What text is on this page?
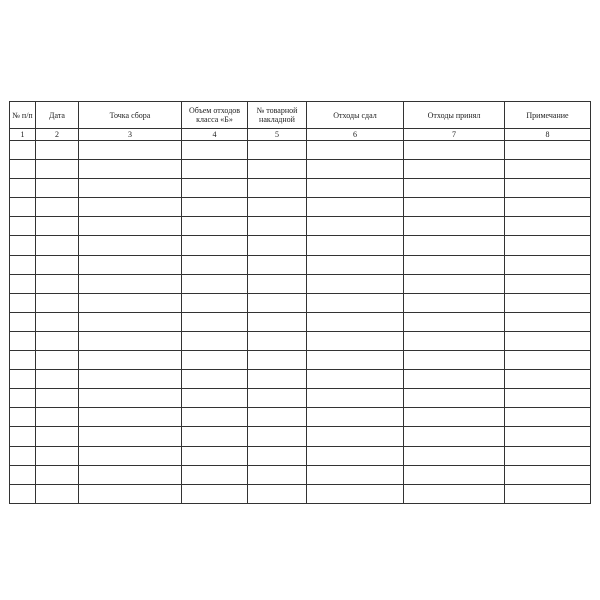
№ п/п	Дата	Точка сбора	Объем отходов класса «Б»	№ товарной накладной	Отходы сдал	Отходы принял	Примечание
1	2	3	4	5	6	7	8
